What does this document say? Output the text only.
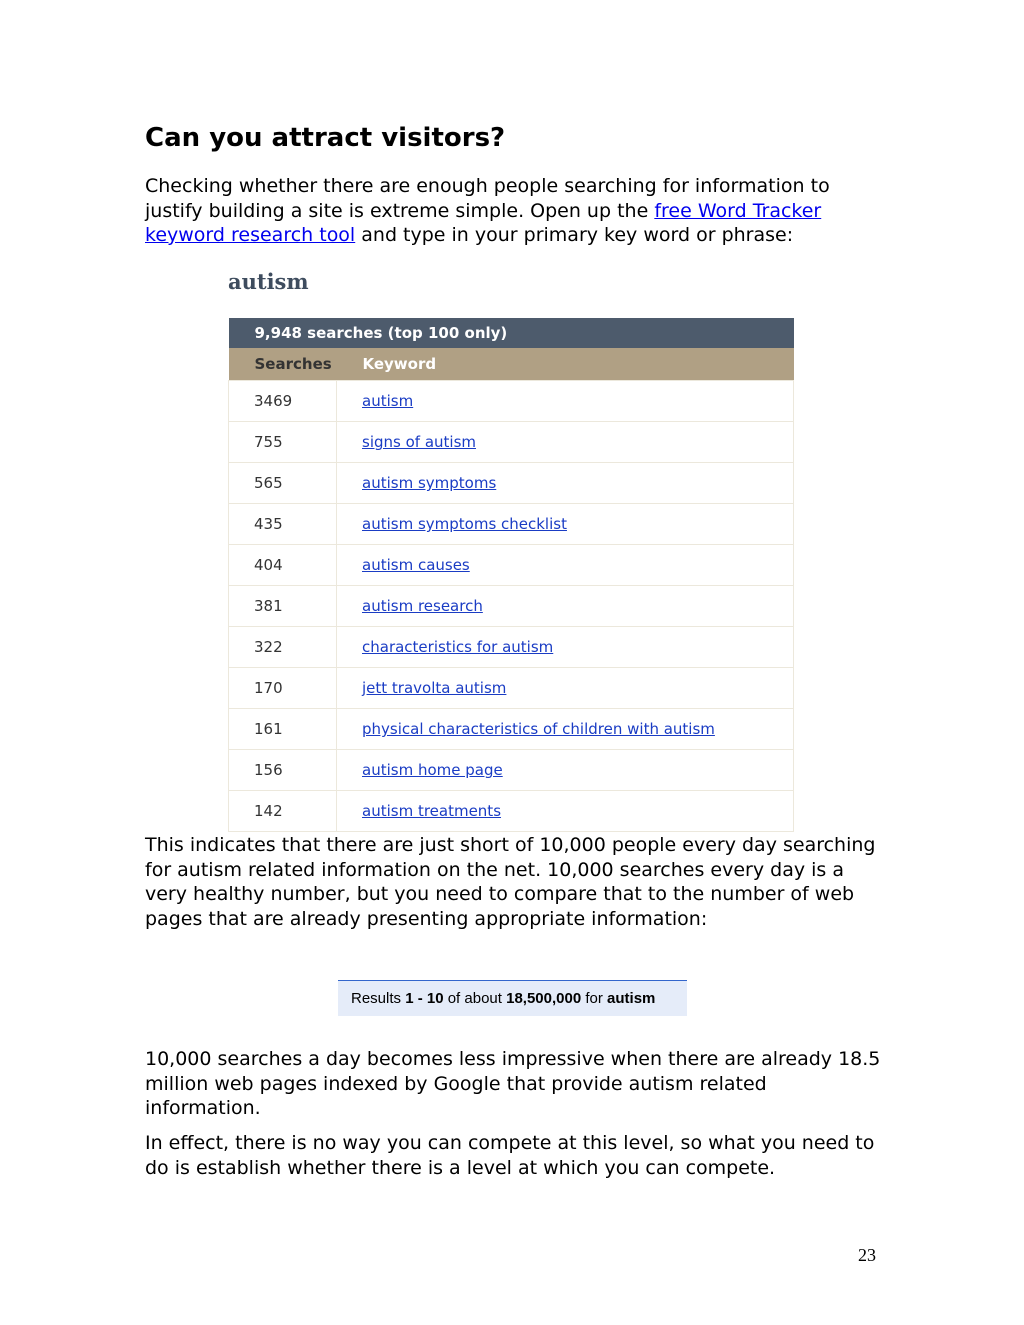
Can you attract visitors?

Checking whether there are enough people searching for information to justify building a site is extreme simple. Open up the free Word Tracker keyword research tool and type in your primary key word or phrase:

autism
9,948 searches (top 100 only)	
Searches	Keyword
3469	autism
755	signs of autism
565	autism symptoms
435	autism symptoms checklist
404	autism causes
381	autism research
322	characteristics for autism
170	jett travolta autism
161	physical characteristics of children with autism
156	autism home page
142	autism treatments

This indicates that there are just short of 10,000 people every day searching for autism related information on the net. 10,000 searches every day is a very healthy number, but you need to compare that to the number of web pages that are already presenting appropriate information:

Results 1 - 10 of about 18,500,000 for autism

10,000 searches a day becomes less impressive when there are already 18.5 million web pages indexed by Google that provide autism related information.

In effect, there is no way you can compete at this level, so what you need to do is establish whether there is a level at which you can compete.

23
